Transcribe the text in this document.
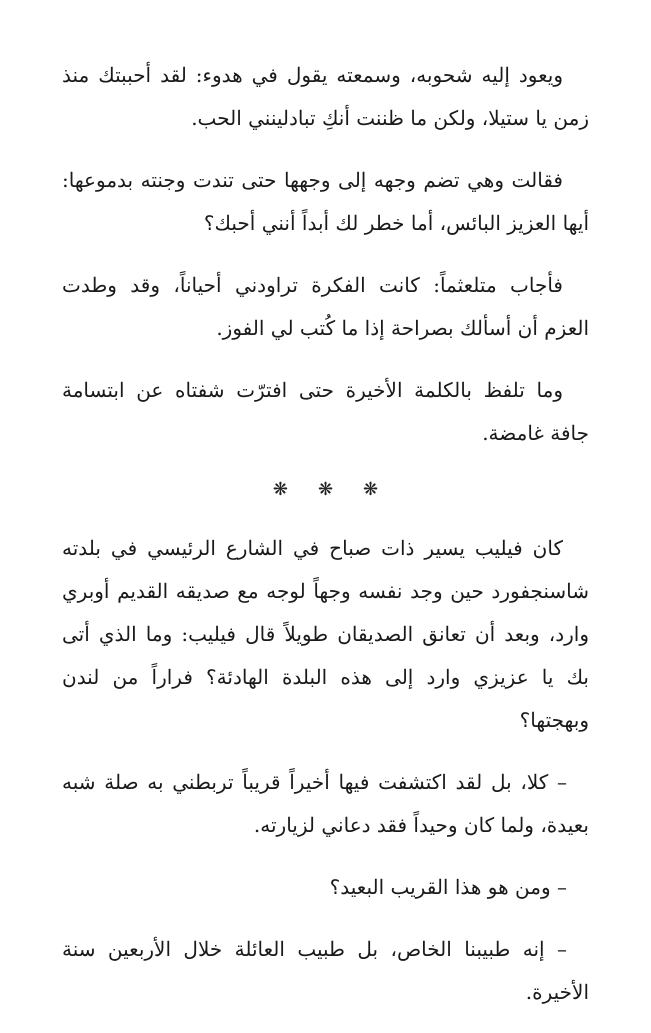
ويعود إليه شحوبه، وسمعته يقول في هدوء: لقد أحببتك منذ زمن يا ستيلا، ولكن ما ظننت أنكِ تبادلينني الحب.

فقالت وهي تضم وجهه إلى وجهها حتى تندت وجنته بدموعها: أيها العزيز البائس، أما خطر لك أبداً أنني أحبك؟

فأجاب متلعثماً: كانت الفكرة تراودني أحياناً، وقد وطدت العزم أن أسألك بصراحة إذا ما كُتب لي الفوز.

وما تلفظ بالكلمة الأخيرة حتى افترّت شفتاه عن ابتسامة جافة غامضة.

❋ ❋ ❋

كان فيليب يسير ذات صباح في الشارع الرئيسي في بلدته شاسنجفورد حين وجد نفسه وجهاً لوجه مع صديقه القديم أوبري وارد، وبعد أن تعانق الصديقان طويلاً قال فيليب: وما الذي أتى بك يا عزيزي وارد إلى هذه البلدة الهادئة؟ فراراً من لندن وبهجتها؟

– كلا، بل لقد اكتشفت فيها أخيراً قريباً تربطني به صلة شبه بعيدة، ولما كان وحيداً فقد دعاني لزيارته.

– ومن هو هذا القريب البعيد؟

– إنه طبيبنا الخاص، بل طبيب العائلة خلال الأربعين سنة الأخيرة.
